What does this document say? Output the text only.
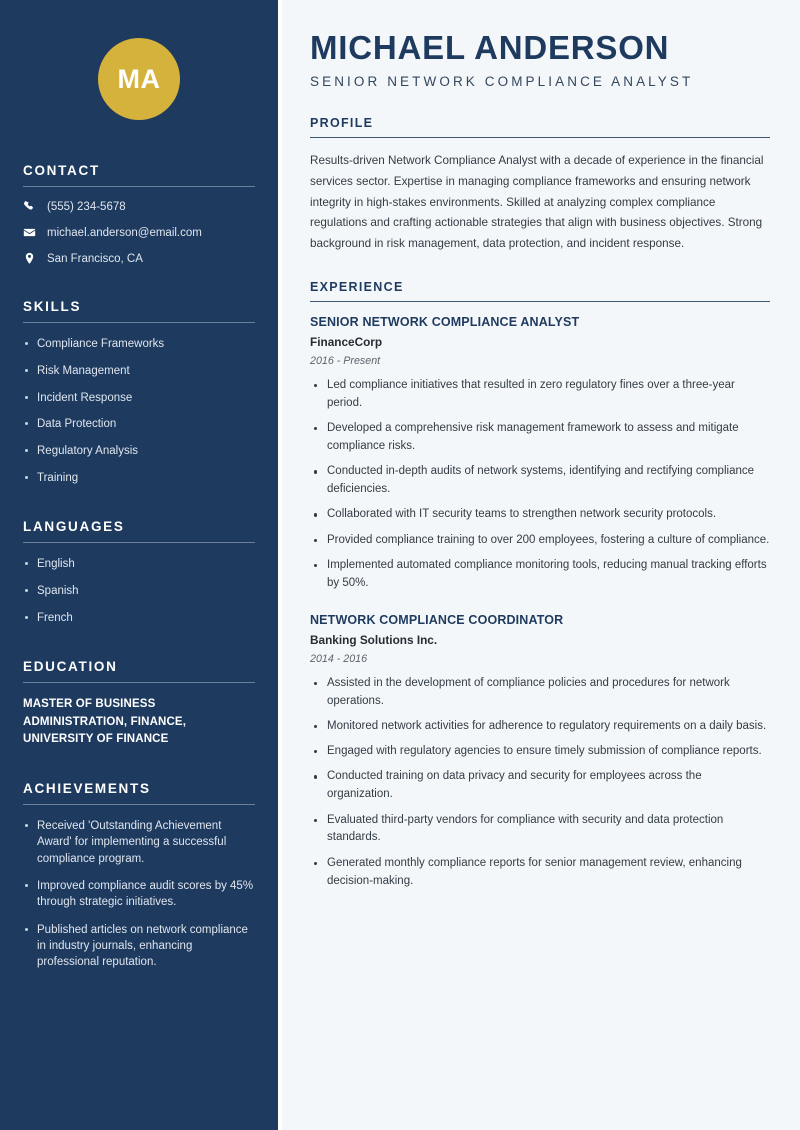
MA
CONTACT
(555) 234-5678
michael.anderson@email.com
San Francisco, CA
SKILLS
Compliance Frameworks
Risk Management
Incident Response
Data Protection
Regulatory Analysis
Training
LANGUAGES
English
Spanish
French
EDUCATION
MASTER OF BUSINESS ADMINISTRATION, FINANCE, UNIVERSITY OF FINANCE
ACHIEVEMENTS
Received 'Outstanding Achievement Award' for implementing a successful compliance program.
Improved compliance audit scores by 45% through strategic initiatives.
Published articles on network compliance in industry journals, enhancing professional reputation.
MICHAEL ANDERSON
SENIOR NETWORK COMPLIANCE ANALYST
PROFILE

Results-driven Network Compliance Analyst with a decade of experience in the financial services sector. Expertise in managing compliance frameworks and ensuring network integrity in high-stakes environments. Skilled at analyzing complex compliance regulations and crafting actionable strategies that align with business objectives. Strong background in risk management, data protection, and incident response.

EXPERIENCE
SENIOR NETWORK COMPLIANCE ANALYST
FinanceCorp
2016 - Present
Led compliance initiatives that resulted in zero regulatory fines over a three-year period.
Developed a comprehensive risk management framework to assess and mitigate compliance risks.
Conducted in-depth audits of network systems, identifying and rectifying compliance deficiencies.
Collaborated with IT security teams to strengthen network security protocols.
Provided compliance training to over 200 employees, fostering a culture of compliance.
Implemented automated compliance monitoring tools, reducing manual tracking efforts by 50%.
NETWORK COMPLIANCE COORDINATOR
Banking Solutions Inc.
2014 - 2016
Assisted in the development of compliance policies and procedures for network operations.
Monitored network activities for adherence to regulatory requirements on a daily basis.
Engaged with regulatory agencies to ensure timely submission of compliance reports.
Conducted training on data privacy and security for employees across the organization.
Evaluated third-party vendors for compliance with security and data protection standards.
Generated monthly compliance reports for senior management review, enhancing decision-making.
